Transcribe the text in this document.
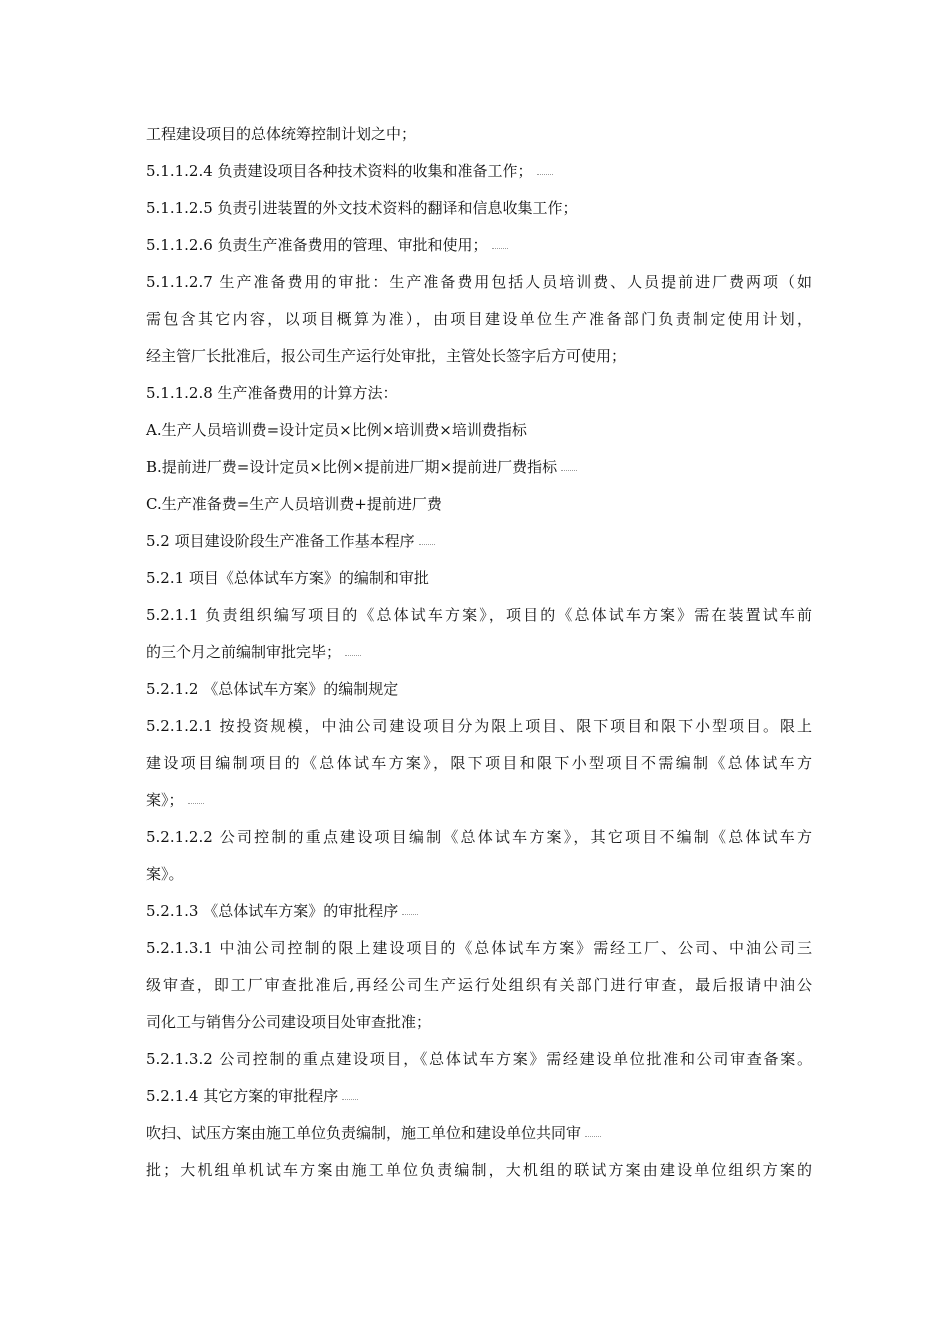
工程建设项目的总体统筹控制计划之中；
5.1.1.2.4 负责建设项目各种技术资料的收集和准备工作；
5.1.1.2.5 负责引进装置的外文技术资料的翻译和信息收集工作；
5.1.1.2.6 负责生产准备费用的管理、审批和使用；
5.1.1.2.7 生产准备费用的审批：生产准备费用包括人员培训费、人员提前进厂费两项（如
需包含其它内容，以项目概算为准），由项目建设单位生产准备部门负责制定使用计划，
经主管厂长批准后，报公司生产运行处审批，主管处长签字后方可使用；
5.1.1.2.8 生产准备费用的计算方法：
A.生产人员培训费=设计定员×比例×培训费×培训费指标
B.提前进厂费=设计定员×比例×提前进厂期×提前进厂费指标
C.生产准备费=生产人员培训费+提前进厂费
5.2 项目建设阶段生产准备工作基本程序
5.2.1 项目《总体试车方案》的编制和审批
5.2.1.1 负责组织编写项目的《总体试车方案》，项目的《总体试车方案》需在装置试车前
的三个月之前编制审批完毕；
5.2.1.2 《总体试车方案》的编制规定
5.2.1.2.1 按投资规模，中油公司建设项目分为限上项目、限下项目和限下小型项目。限上
建设项目编制项目的《总体试车方案》，限下项目和限下小型项目不需编制《总体试车方
案》；
5.2.1.2.2 公司控制的重点建设项目编制《总体试车方案》，其它项目不编制《总体试车方
案》。
5.2.1.3 《总体试车方案》的审批程序
5.2.1.3.1 中油公司控制的限上建设项目的《总体试车方案》需经工厂、公司、中油公司三
级审查，即工厂审查批准后,再经公司生产运行处组织有关部门进行审查，最后报请中油公
司化工与销售分公司建设项目处审查批准；
5.2.1.3.2 公司控制的重点建设项目，《总体试车方案》需经建设单位批准和公司审查备案。
5.2.1.4 其它方案的审批程序
吹扫、试压方案由施工单位负责编制，施工单位和建设单位共同审
批；大机组单机试车方案由施工单位负责编制，大机组的联试方案由建设单位组织方案的
